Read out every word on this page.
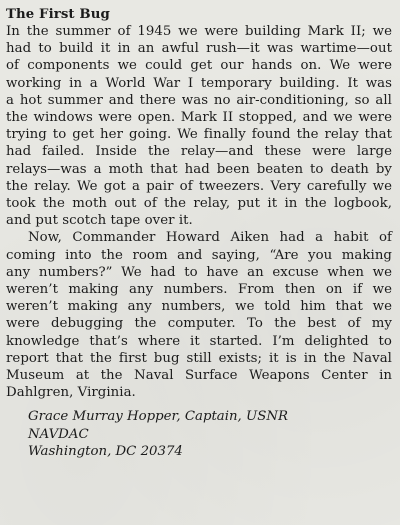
The First Bug
In the summer of 1945 we were building Mark II; we
had to build it in an awful rush—it was wartime—out
of components we could get our hands on. We were
working in a World War I temporary building. It was
a hot summer and there was no air-conditioning, so all
the windows were open. Mark II stopped, and we were
trying to get her going. We finally found the relay that
had failed. Inside the relay—and these were large
relays—was a moth that had been beaten to death by
the relay. We got a pair of tweezers. Very carefully we
took the moth out of the relay, put it in the logbook,
and put scotch tape over it.
Now, Commander Howard Aiken had a habit of
coming into the room and saying, “Are you making
any numbers?” We had to have an excuse when we
weren’t making any numbers. From then on if we
weren’t making any numbers, we told him that we
were debugging the computer. To the best of my
knowledge that’s where it started. I’m delighted to
report that the first bug still exists; it is in the Naval
Museum at the Naval Surface Weapons Center in
Dahlgren, Virginia.
Grace Murray Hopper, Captain, USNR
NAVDAC
Washington, DC 20374
